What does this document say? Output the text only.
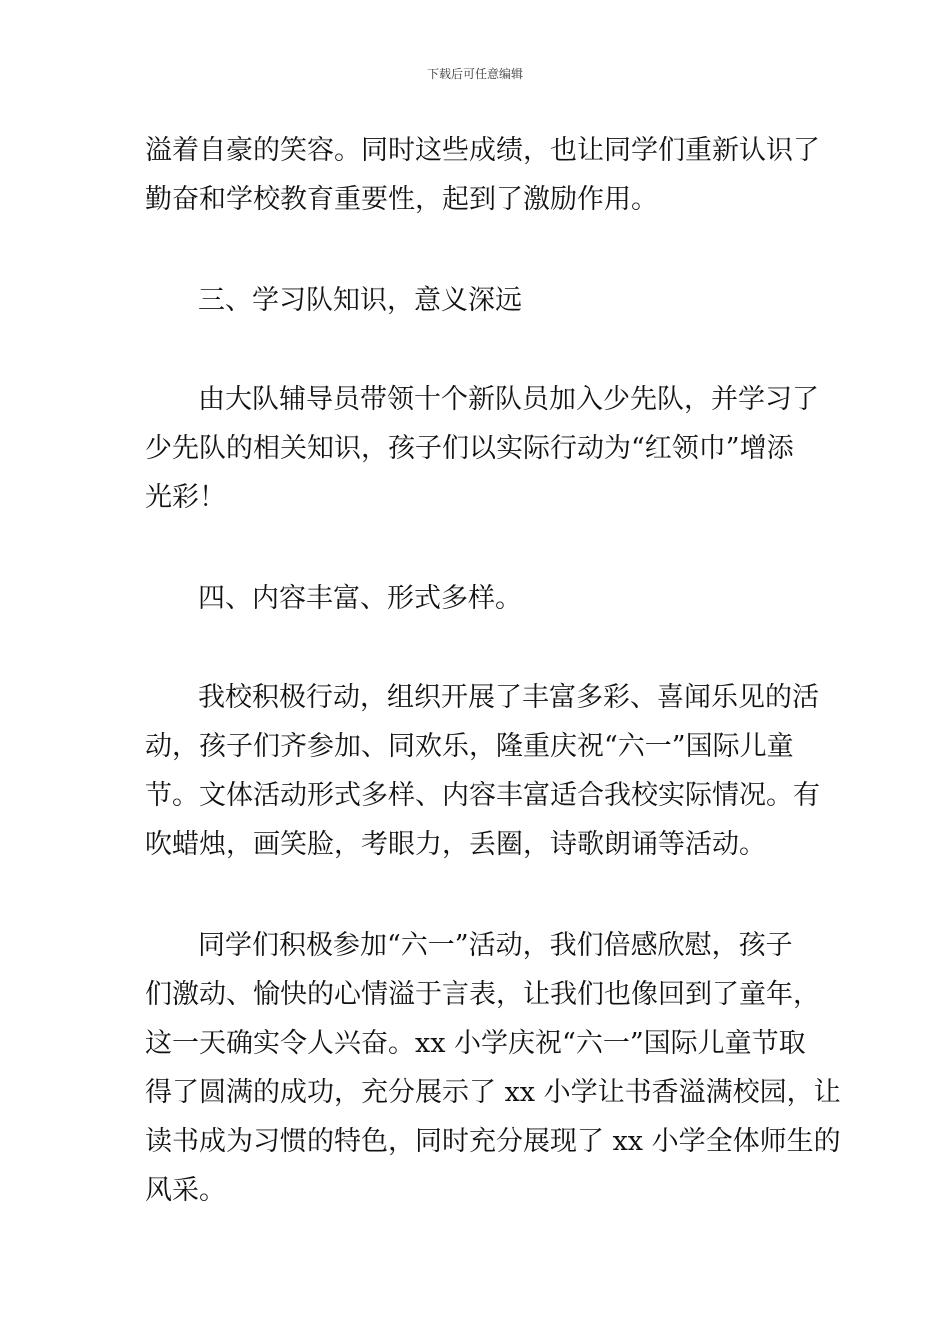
下载后可任意编辑
溢着自豪的笑容。同时这些成绩，也让同学们重新认识了
勤奋和学校教育重要性，起到了激励作用。
三、学习队知识，意义深远
由大队辅导员带领十个新队员加入少先队，并学习了
少先队的相关知识，孩子们以实际行动为“红领巾”增添
光彩！
四、内容丰富、形式多样。
我校积极行动，组织开展了丰富多彩、喜闻乐见的活
动，孩子们齐参加、同欢乐，隆重庆祝“六一”国际儿童
节。文体活动形式多样、内容丰富适合我校实际情况。有
吹蜡烛，画笑脸，考眼力，丢圈，诗歌朗诵等活动。
同学们积极参加“六一”活动，我们倍感欣慰，孩子
们激动、愉快的心情溢于言表，让我们也像回到了童年，
这一天确实令人兴奋。xx 小学庆祝“六一”国际儿童节取
得了圆满的成功，充分展示了 xx 小学让书香溢满校园，让
读书成为习惯的特色，同时充分展现了 xx 小学全体师生的
风采。
